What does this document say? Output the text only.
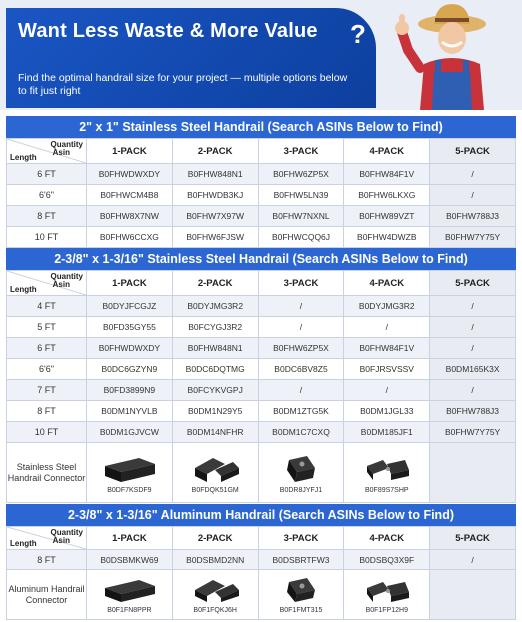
Want Less Waste & More Value ?
Find the optimal handrail size for your project — multiple options below to fit just right
2" x 1" Stainless Steel Handrail (Search ASINs Below to Find)
Quantity
Asin
Length	1-PACK	2-PACK	3-PACK	4-PACK	5-PACK
6 FT	B0FHWDWXDY	B0FHW848N1	B0FHW6ZP5X	B0FHW84F1V	/
6'6"	B0FHWCM4B8	B0FHWDB3KJ	B0FHW5LN39	B0FHW6LKXG	/
8 FT	B0FHW8X7NW	B0FHW7X97W	B0FHW7NXNL	B0FHW89VZT	B0FHW788J3
10 FT	B0FHW6CCXG	B0FHW6FJSW	B0FHWCQQ6J	B0FHW4DWZB	B0FHW7Y75Y
2-3/8" x 1-3/16" Stainless Steel Handrail (Search ASINs Below to Find)
Quantity
Asin
Length	1-PACK	2-PACK	3-PACK	4-PACK	5-PACK
4 FT	B0DYJFCGJZ	B0DYJMG3R2	/	B0DYJMG3R2	/
5 FT	B0FD35GY55	B0FCYGJ3R2	/	/	/
6 FT	B0FHWDWXDY	B0FHW848N1	B0FHW6ZP5X	B0FHW84F1V	/
6'6"	B0DC6GZYN9	B0DC6DQTMG	B0DC6BV8Z5	B0FJRSVSSV	B0DM165K3X
7 FT	B0FD3899N9	B0FCYKVGPJ	/	/	/
8 FT	B0DM1NYVLB	B0DM1N29Y5	B0DM1ZTG5K	B0DM1JGL33	B0FHW788J3
10 FT	B0DM1GJVCW	B0DM14NFHR	B0DM1C7CXQ	B0DM185JF1	B0FHW7Y75Y
Stainless Steel Handrail Connector	B0DF7KSDF9	B0FDQK51GM	B0DR8JYFJ1	B0F89S7SHP	

2-3/8" x 1-3/16" Aluminum Handrail (Search ASINs Below to Find)
Quantity
Asin
Length	1-PACK	2-PACK	3-PACK	4-PACK	5-PACK
8 FT	B0DSBMKW69	B0DSBMD2NN	B0DSBRTFW3	B0DSBQ3X9F	/
Aluminum Handrail Connector	B0F1FN8PPR	B0F1FQKJ6H	B0F1FMT315	B0F1FP12H9	
